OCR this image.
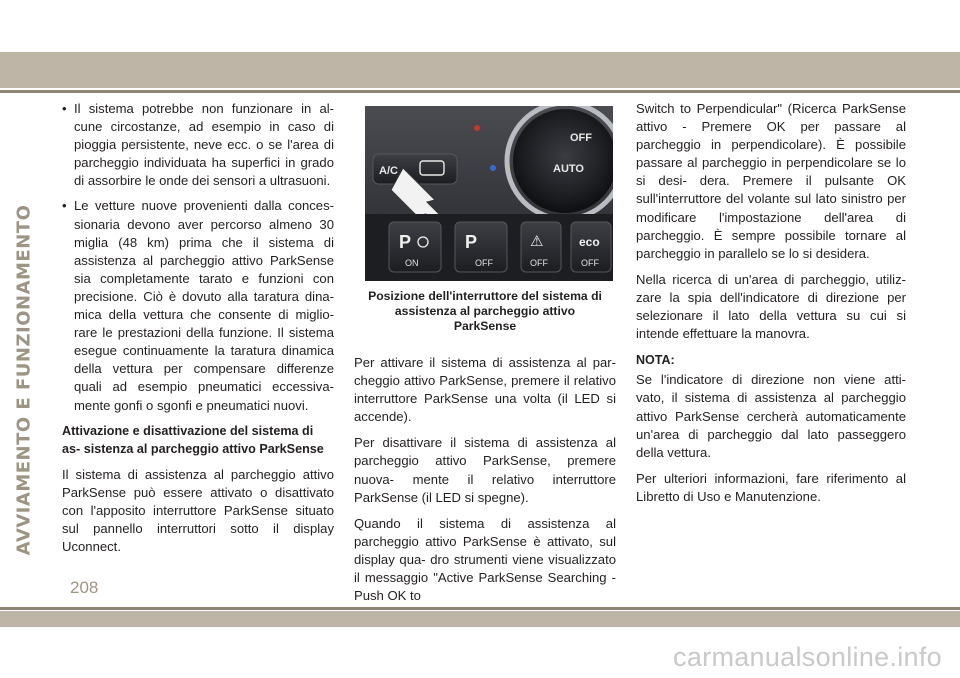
AVVIAMENTO E FUNZIONAMENTO
• Il sistema potrebbe non funzionare in al- cune circostanze, ad esempio in caso di pioggia persistente, neve ecc. o se l'area di parcheggio individuata ha superfici in grado di assorbire le onde dei sensori a ultrasuoni.
• Le vetture nuove provenienti dalla conces- sionaria devono aver percorso almeno 30 miglia (48 km) prima che il sistema di assistenza al parcheggio attivo ParkSense sia completamente tarato e funzioni con precisione. Ciò è dovuto alla taratura dina- mica della vettura che consente di miglio- rare le prestazioni della funzione. Il sistema esegue continuamente la taratura dinamica della vettura per compensare differenze quali ad esempio pneumatici eccessiva- mente gonfi o sgonfi e pneumatici nuovi.
Attivazione e disattivazione del sistema di as- sistenza al parcheggio attivo ParkSense

Il sistema di assistenza al parcheggio attivo ParkSense può essere attivato o disattivato con l'apposito interruttore ParkSense situato sul pannello interruttori sotto il display Uconnect.

OFF
AUTO
A/C
P
ON
P
OFF
⚠
OFF
eco
OFF
Posizione dell'interruttore del sistema di assistenza al parcheggio attivo ParkSense

Per attivare il sistema di assistenza al par- cheggio attivo ParkSense, premere il relativo interruttore ParkSense una volta (il LED si accende).

Per disattivare il sistema di assistenza al parcheggio attivo ParkSense, premere nuova- mente il relativo interruttore ParkSense (il LED si spegne).

Quando il sistema di assistenza al parcheggio attivo ParkSense è attivato, sul display qua- dro strumenti viene visualizzato il messaggio "Active ParkSense Searching - Push OK to

Switch to Perpendicular" (Ricerca ParkSense attivo - Premere OK per passare al parcheggio in perpendicolare). È possibile passare al parcheggio in perpendicolare se lo si desi- dera. Premere il pulsante OK sull'interruttore del volante sul lato sinistro per modificare l'impostazione dell'area di parcheggio. È sempre possibile tornare al parcheggio in parallelo se lo si desidera.

Nella ricerca di un'area di parcheggio, utiliz- zare la spia dell'indicatore di direzione per selezionare il lato della vettura su cui si intende effettuare la manovra.

NOTA:

Se l'indicatore di direzione non viene atti- vato, il sistema di assistenza al parcheggio attivo ParkSense cercherà automaticamente un'area di parcheggio dal lato passeggero della vettura.

Per ulteriori informazioni, fare riferimento al Libretto di Uso e Manutenzione.

208
carmanualsonline.info
